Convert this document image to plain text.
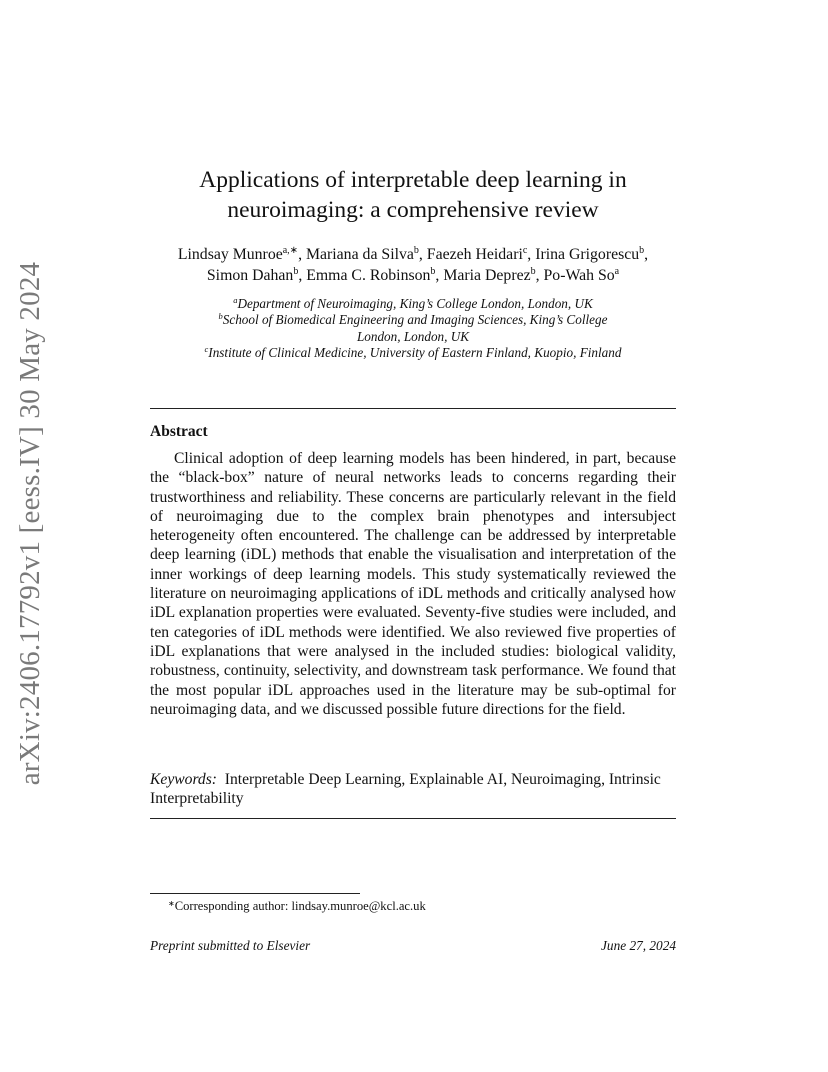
arXiv:2406.17792v1 [eess.IV] 30 May 2024
Applications of interpretable deep learning in
neuroimaging: a comprehensive review
Lindsay Munroe$^{a,∗}$, Mariana da Silva$^b$, Faezeh Heidari$^c$, Irina Grigorescu$^b$,
Simon Dahan$^b$, Emma C. Robinson$^b$, Maria Deprez$^b$, Po-Wah So$^a$
$^a$Department of Neuroimaging, King’s College London, London, UK
$^b$School of Biomedical Engineering and Imaging Sciences, King’s College
London, London, UK
$^c$Institute of Clinical Medicine, University of Eastern Finland, Kuopio, Finland
Abstract
Clinical adoption of deep learning models has been hindered, in part, because the “black-box” nature of neural networks leads to concerns regarding their trustworthiness and reliability. These concerns are particularly relevant in the field of neuroimaging due to the complex brain phenotypes and intersubject heterogeneity often encountered. The challenge can be addressed by interpretable deep learning (iDL) methods that enable the visualisation and interpretation of the inner workings of deep learning models. This study systematically reviewed the literature on neuroimaging applications of iDL methods and critically analysed how iDL explanation properties were evaluated. Seventy-five studies were included, and ten categories of iDL methods were identified. We also reviewed five properties of iDL explanations that were analysed in the included studies: biological validity, robustness, continuity, selectivity, and downstream task performance. We found that the most popular iDL approaches used in the literature may be sub-optimal for neuroimaging data, and we discussed possible future directions for the field.
Keywords: Interpretable Deep Learning, Explainable AI, Neuroimaging, Intrinsic Interpretability
∗Corresponding author: lindsay.munroe@kcl.ac.uk
Preprint submitted to Elsevier	June 27, 2024
